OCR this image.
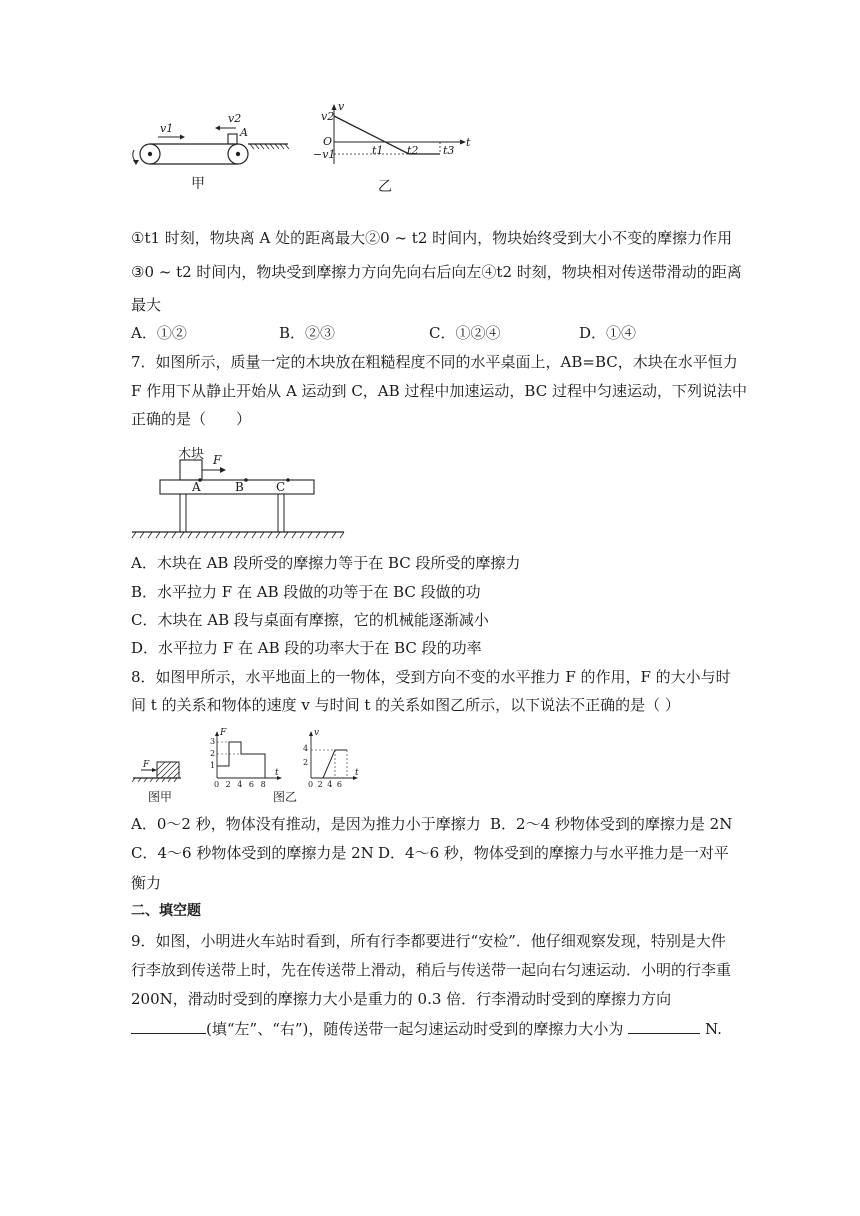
v1
v2
A
甲
v
v2
O
−v1	t1 t2 t3
t
乙
①t1 时刻，物块离 A 处的距离最大②0 ~ t2 时间内，物块始终受到大小不变的摩擦力作用
③0 ~ t2 时间内，物块受到摩擦力方向先向右后向左④t2 时刻，物块相对传送带滑动的距离
最大
A．①②	B．②③	C．①②④	D．①④
7．如图所示，质量一定的木块放在粗糙程度不同的水平桌面上，AB=BC，木块在水平恒力
F 作用下从静止开始从 A 运动到 C，AB 过程中加速运动，BC 过程中匀速运动，下列说法中
正确的是（　　）
木块 F
A	B	C
A．木块在 AB 段所受的摩擦力等于在 BC 段所受的摩擦力
B．水平拉力 F 在 AB 段做的功等于在 BC 段做的功
C．木块在 AB 段与桌面有摩擦，它的机械能逐渐减小
D．水平拉力 F 在 AB 段的功率大于在 BC 段的功率
8．如图甲所示，水平地面上的一物体，受到方向不变的水平推力 F 的作用，F 的大小与时
间 t 的关系和物体的速度 v 与时间 t 的关系如图乙所示，以下说法不正确的是（ ）
F
F
3
2
1
0 2 4 6 8
t
v
4
2
0 2 4 6
t
图甲	图乙
A．0～2 秒，物体没有推动，是因为推力小于摩擦力 B．2～4 秒物体受到的摩擦力是 2N
C．4～6 秒物体受到的摩擦力是 2N D．4～6 秒，物体受到的摩擦力与水平推力是一对平
衡力
二、填空题
9．如图，小明进火车站时看到，所有行李都要进行“安检”．他仔细观察发现，特别是大件
行李放到传送带上时，先在传送带上滑动，稍后与传送带一起向右匀速运动．小明的行李重
200N，滑动时受到的摩擦力大小是重力的 0.3 倍．行李滑动时受到的摩擦力方向
(填“左”、“右”)，随传送带一起匀速运动时受到的摩擦力大小为	N.
